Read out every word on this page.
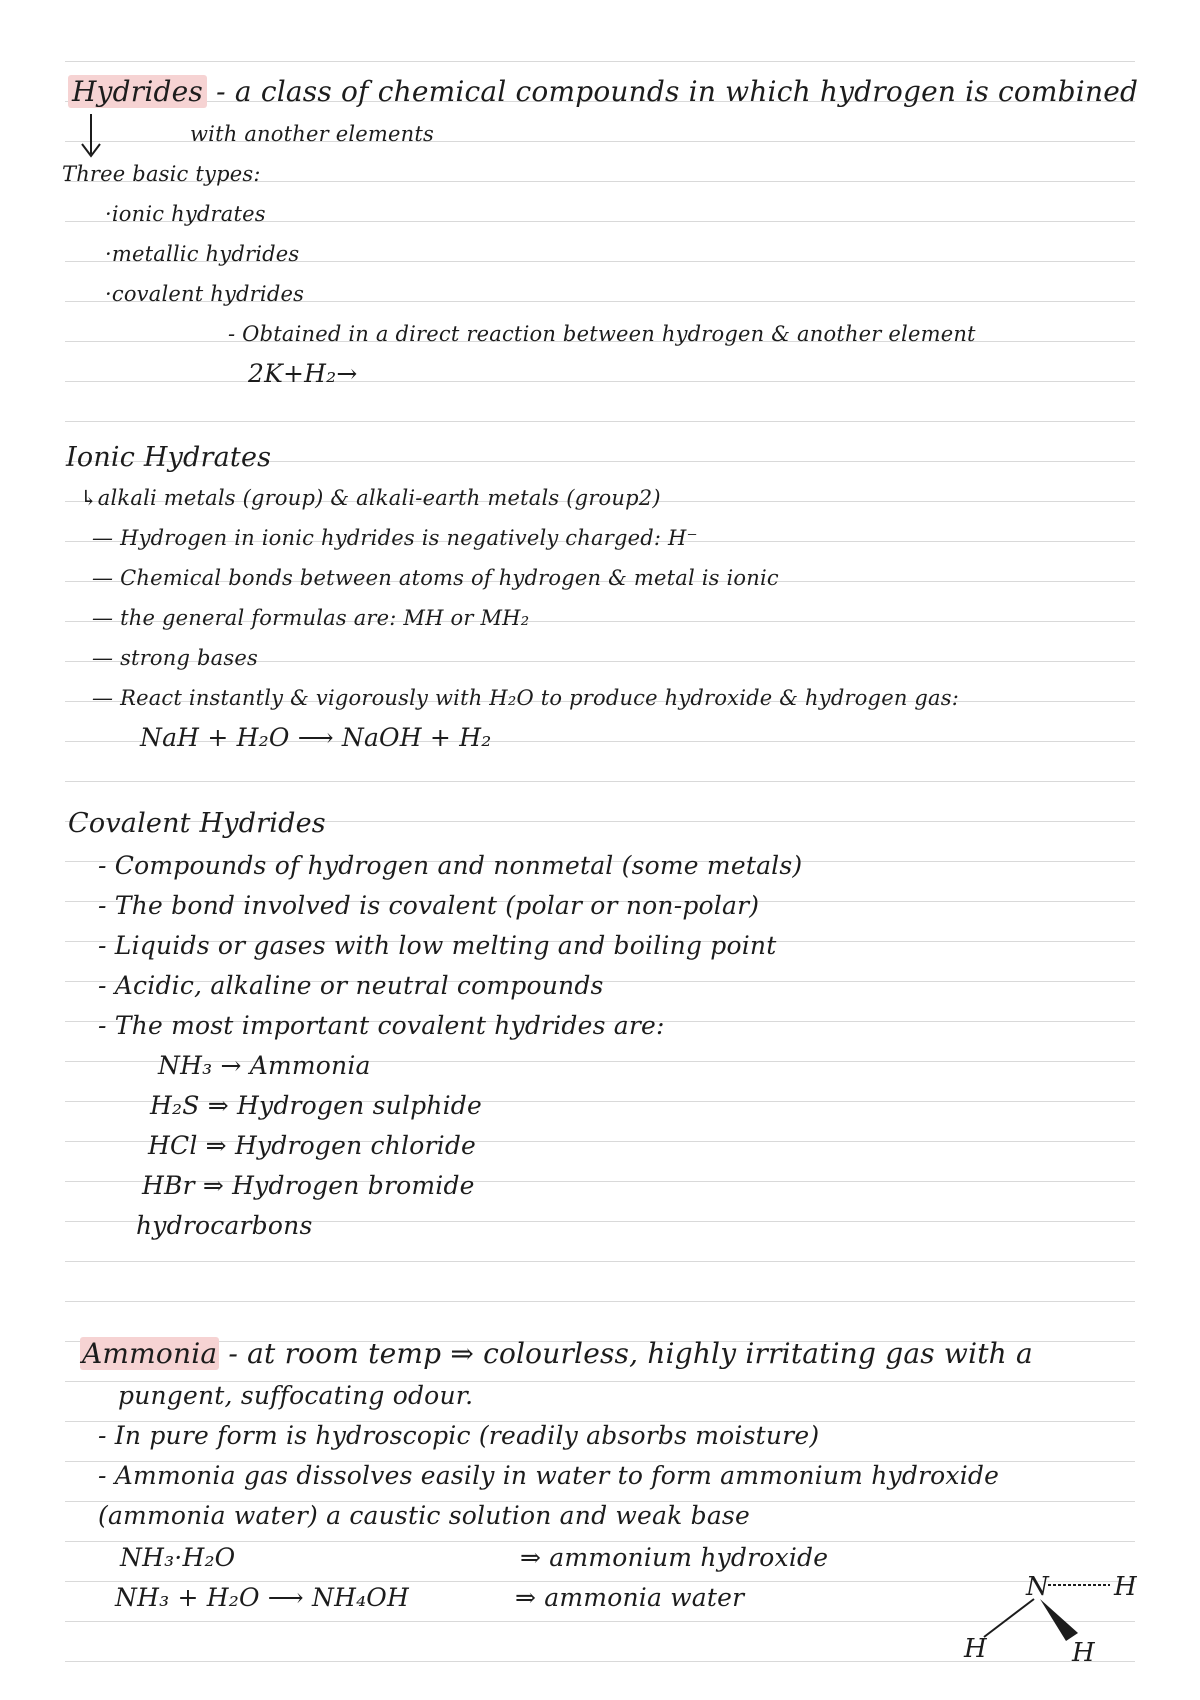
Hydrides - a class of chemical compounds in which hydrogen is combined
with another elements
Three basic types:
·ionic hydrates
·metallic hydrides
·covalent hydrides
- Obtained in a direct reaction between hydrogen & another element
2K+H₂→
Ionic Hydrates
↳alkali metals (group) & alkali-earth metals (group2)
— Hydrogen in ionic hydrides is negatively charged: H⁻
— Chemical bonds between atoms of hydrogen & metal is ionic
— the general formulas are: MH or MH₂
— strong bases
— React instantly & vigorously with H₂O to produce hydroxide & hydrogen gas:
NaH + H₂O ⟶ NaOH + H₂
Covalent Hydrides
- Compounds of hydrogen and nonmetal (some metals)
- The bond involved is covalent (polar or non-polar)
- Liquids or gases with low melting and boiling point
- Acidic, alkaline or neutral compounds
- The most important covalent hydrides are:
NH₃ → Ammonia
H₂S ⇒ Hydrogen sulphide
HCl ⇒ Hydrogen chloride
HBr ⇒ Hydrogen bromide
hydrocarbons
Ammonia - at room temp ⇒ colourless, highly irritating gas with a
pungent, suffocating odour.
- In pure form is hydroscopic (readily absorbs moisture)
- Ammonia gas dissolves easily in water to form ammonium hydroxide
(ammonia water) a caustic solution and weak base
NH₃·H₂O	⇒ ammonium hydroxide
NH₃ + H₂O ⟶ NH₄OH	⇒ ammonia water	N	H
H	H
